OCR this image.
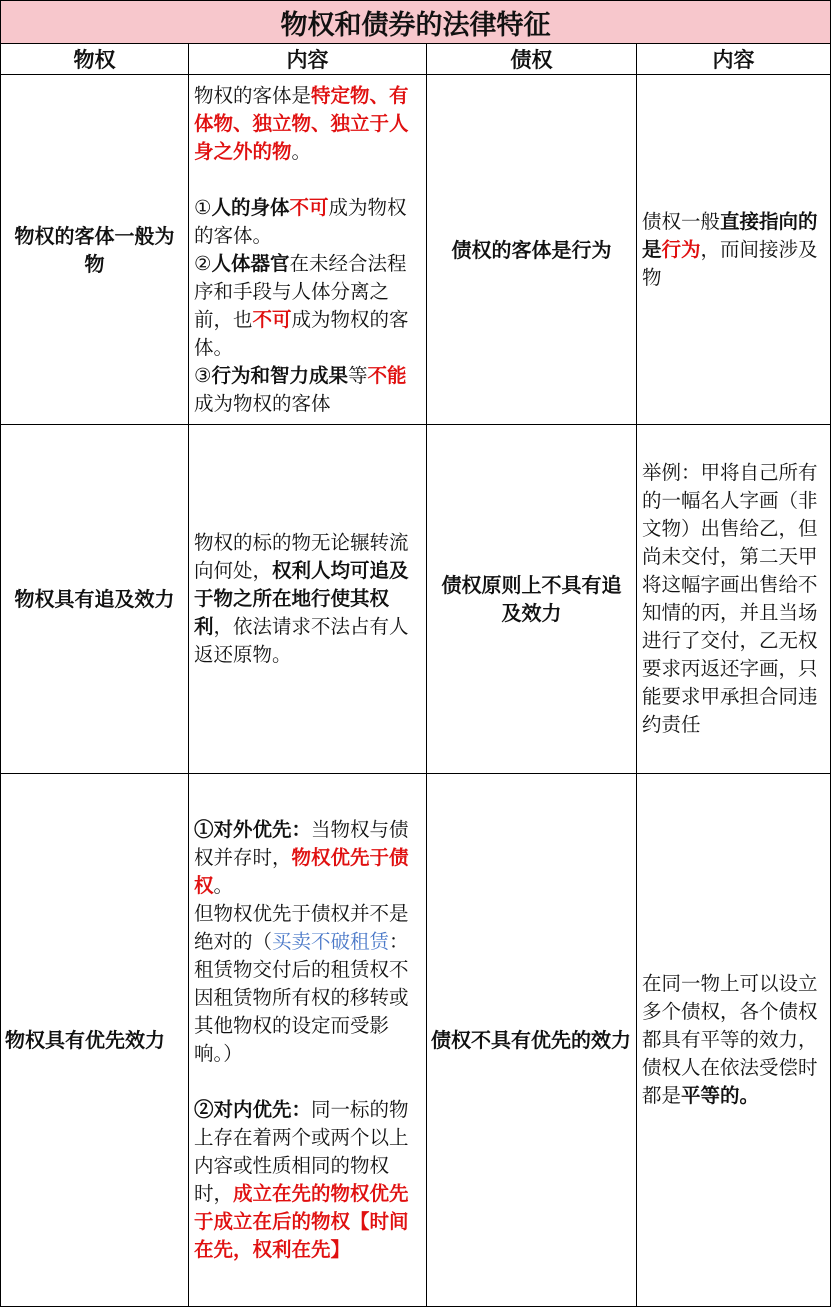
物权和债券的法律特征			
物权	内容	债权	内容
物权的客体一般为物	物权的客体是特定物、有体物、独立物、独立于人身之外的物。
①人的身体不可成为物权的客体。
②人体器官在未经合法程序和手段与人体分离之前，也不可成为物权的客体。
③行为和智力成果等不能成为物权的客体	债权的客体是行为	债权一般直接指向的是行为，而间接涉及物
物权具有追及效力	物权的标的物无论辗转流向何处，权利人均可追及于物之所在地行使其权利，依法请求不法占有人返还原物。	债权原则上不具有追及效力	举例：甲将自己所有的一幅名人字画（非文物）出售给乙，但尚未交付，第二天甲将这幅字画出售给不知情的丙，并且当场进行了交付，乙无权要求丙返还字画，只能要求甲承担合同违约责任
物权具有优先效力	①对外优先：当物权与债权并存时，物权优先于债权。
但物权优先于债权并不是绝对的（买卖不破租赁：租赁物交付后的租赁权不因租赁物所有权的移转或其他物权的设定而受影响。）
②对内优先：同一标的物上存在着两个或两个以上内容或性质相同的物权时，成立在先的物权优先于成立在后的物权【时间在先，权利在先】	债权不具有优先的效力	在同一物上可以设立多个债权，各个债权都具有平等的效力，债权人在依法受偿时都是平等的。
